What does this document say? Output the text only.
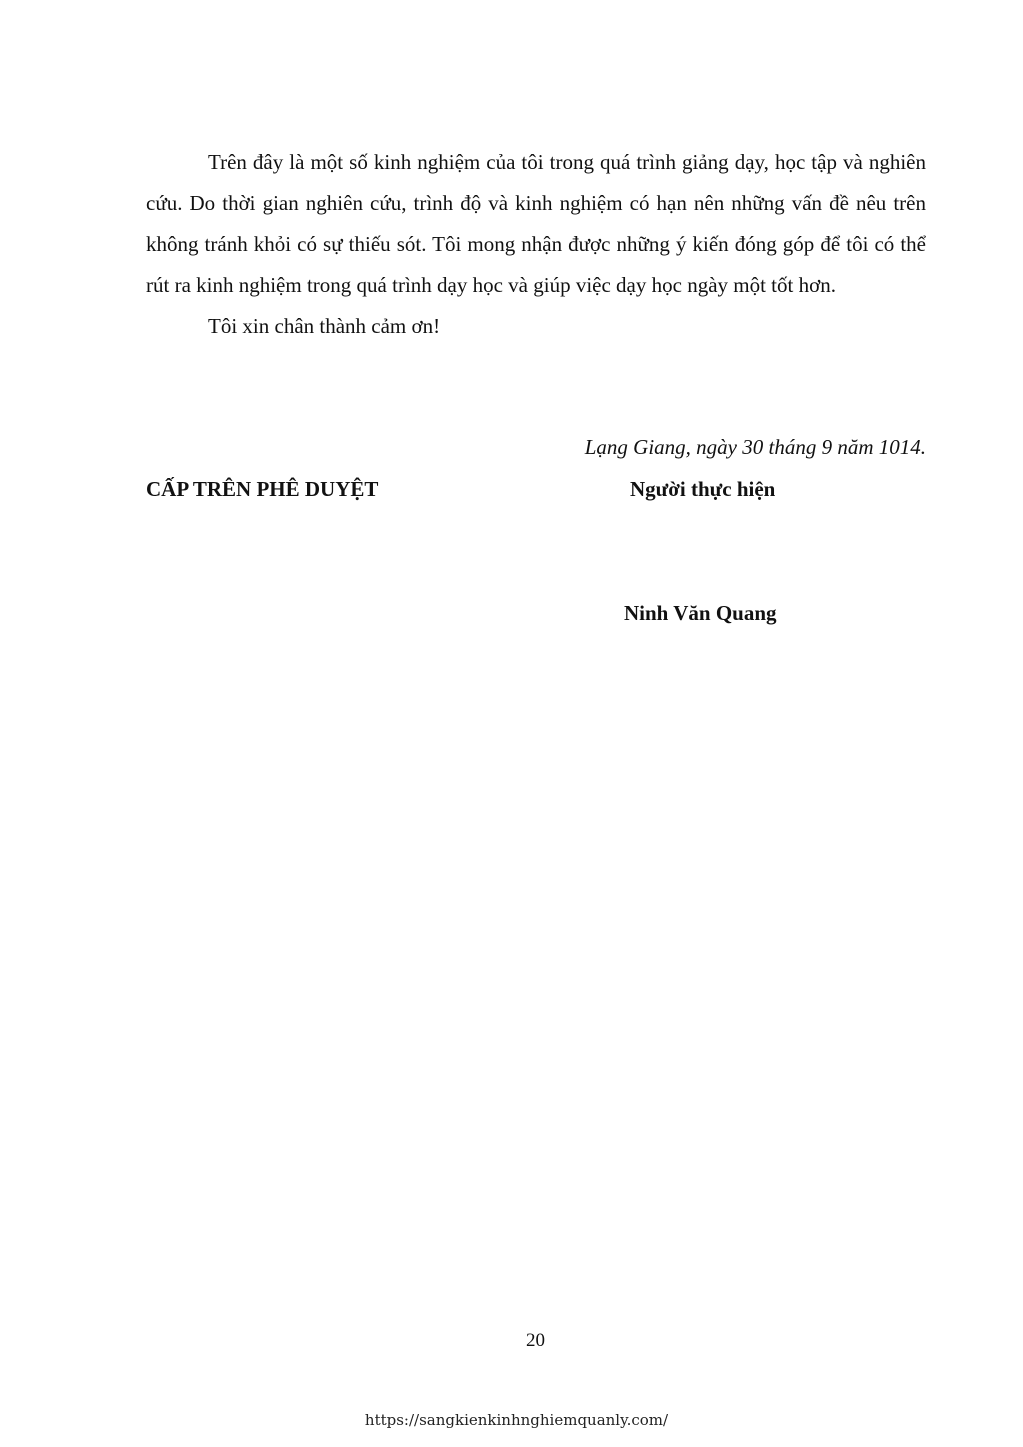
Trên đây là một số kinh nghiệm của tôi trong quá trình giảng dạy, học tập và nghiên cứu. Do thời gian nghiên cứu, trình độ và kinh nghiệm có hạn nên những vấn đề nêu trên không tránh khỏi có sự thiếu sót. Tôi mong nhận được những ý kiến đóng góp để tôi có thể rút ra kinh nghiệm trong quá trình dạy học và giúp việc dạy học ngày một tốt hơn.

Tôi xin chân thành cảm ơn!

Lạng Giang, ngày 30 tháng 9 năm 1014.
CẤP TRÊN PHÊ DUYỆT	Người thực hiện
Ninh Văn Quang
20
https://sangkienkinhnghiemquanly.com/
